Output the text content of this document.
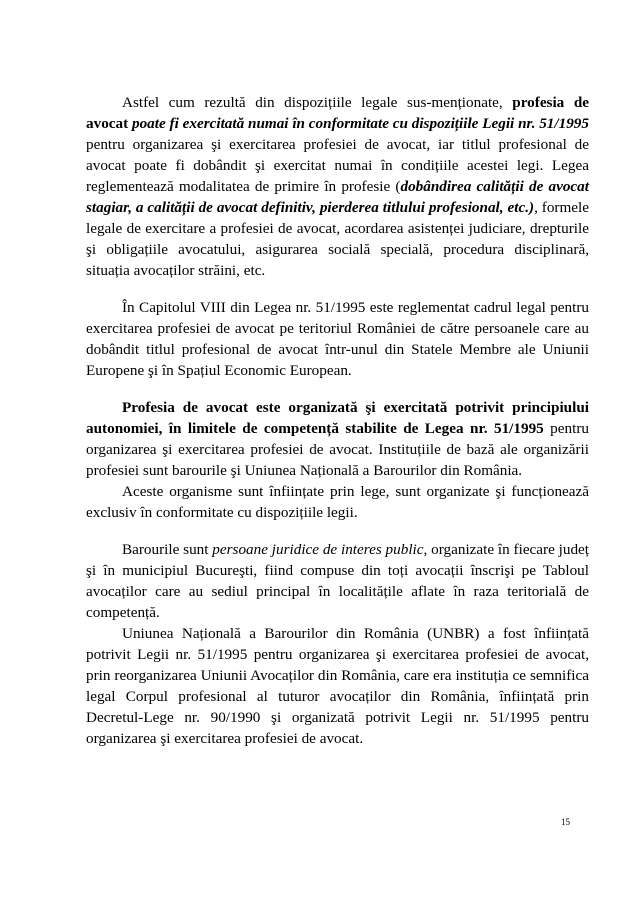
Astfel cum rezultă din dispozițiile legale sus-menționate, profesia de avocat poate fi exercitată numai în conformitate cu dispozițiile Legii nr. 51/1995 pentru organizarea şi exercitarea profesiei de avocat, iar titlul profesional de avocat poate fi dobândit şi exercitat numai în condițiile acestei legi. Legea reglementează modalitatea de primire în profesie (dobândirea calității de avocat stagiar, a calității de avocat definitiv, pierderea titlului profesional, etc.), formele legale de exercitare a profesiei de avocat, acordarea asistenței judiciare, drepturile şi obligațiile avocatului, asigurarea socială specială, procedura disciplinară, situația avocaților străini, etc.

În Capitolul VIII din Legea nr. 51/1995 este reglementat cadrul legal pentru exercitarea profesiei de avocat pe teritoriul României de către persoanele care au dobândit titlul profesional de avocat într-unul din Statele Membre ale Uniunii Europene şi în Spațiul Economic European.

Profesia de avocat este organizată şi exercitată potrivit principiului autonomiei, în limitele de competență stabilite de Legea nr. 51/1995 pentru organizarea şi exercitarea profesiei de avocat. Instituțiile de bază ale organizării profesiei sunt barourile şi Uniunea Națională a Barourilor din România.

Aceste organisme sunt înființate prin lege, sunt organizate şi funcționează exclusiv în conformitate cu dispozițiile legii.

Barourile sunt persoane juridice de interes public, organizate în fiecare județ şi în municipiul Bucureşti, fiind compuse din toți avocații înscrişi pe Tabloul avocaților care au sediul principal în localitățile aflate în raza teritorială de competență.

Uniunea Națională a Barourilor din România (UNBR) a fost înființată potrivit Legii nr. 51/1995 pentru organizarea şi exercitarea profesiei de avocat, prin reorganizarea Uniunii Avocaților din România, care era instituția ce semnifica legal Corpul profesional al tuturor avocaților din România, înființată prin Decretul-Lege nr. 90/1990 şi organizată potrivit Legii nr. 51/1995 pentru organizarea şi exercitarea profesiei de avocat.

15
